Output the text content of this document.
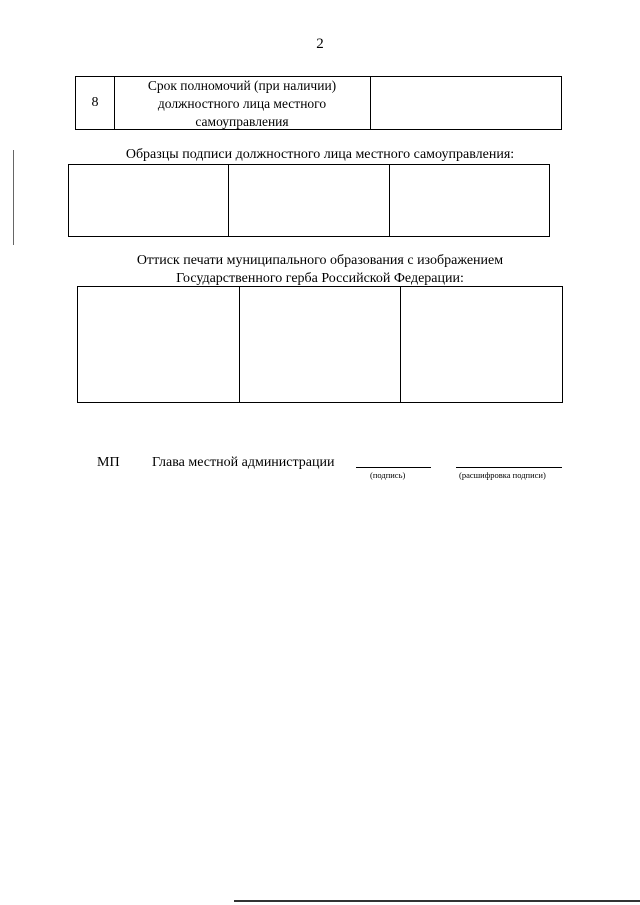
2
8
Срок полномочий (при наличии)
должностного лица местного
самоуправления
Образцы подписи должностного лица местного самоуправления:
Оттиск печати муниципального образования с изображением
Государственного герба Российской Федерации:
МП Глава местной администрации
(подпись)	(расшифровка подписи)
